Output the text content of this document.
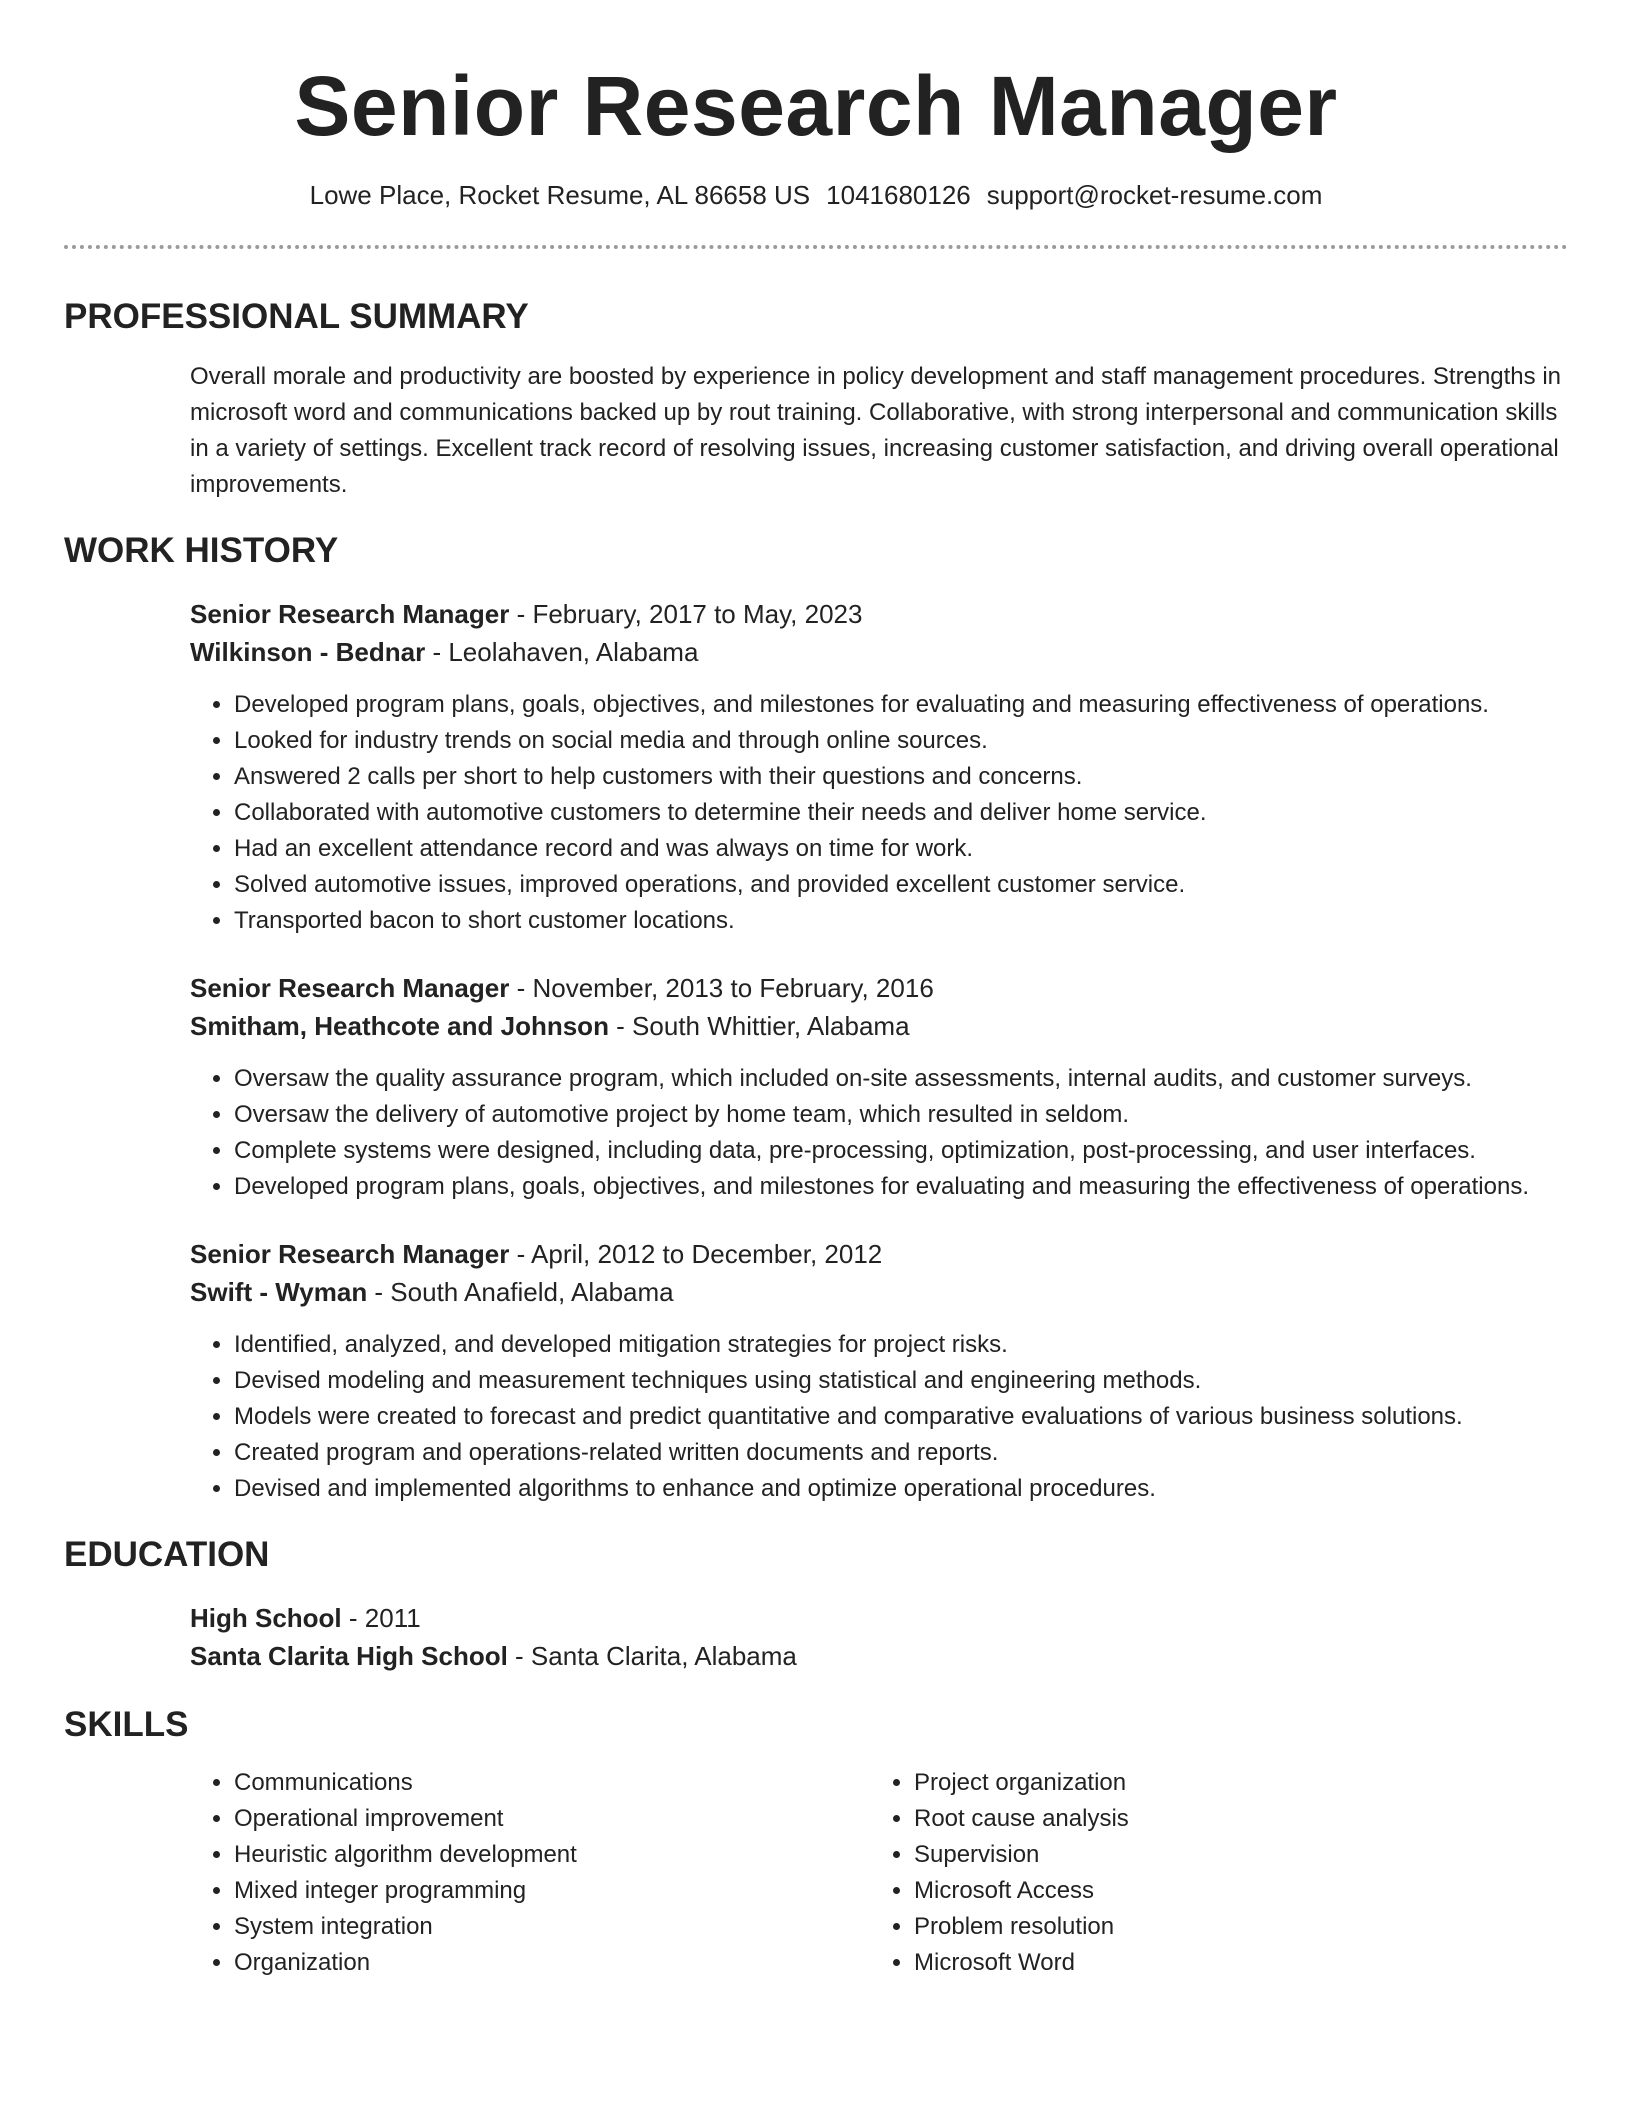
Senior Research Manager
Lowe Place, Rocket Resume, AL 86658 US 1041680126 support@rocket-resume.com
PROFESSIONAL SUMMARY
Overall morale and productivity are boosted by experience in policy development and staff management procedures. Strengths in microsoft word and communications backed up by rout training. Collaborative, with strong interpersonal and communication skills in a variety of settings. Excellent track record of resolving issues, increasing customer satisfaction, and driving overall operational improvements.
WORK HISTORY
Senior Research Manager - February, 2017 to May, 2023
Wilkinson - Bednar - Leolahaven, Alabama
• Developed program plans, goals, objectives, and milestones for evaluating and measuring effectiveness of operations.
• Looked for industry trends on social media and through online sources.
• Answered 2 calls per short to help customers with their questions and concerns.
• Collaborated with automotive customers to determine their needs and deliver home service.
• Had an excellent attendance record and was always on time for work.
• Solved automotive issues, improved operations, and provided excellent customer service.
• Transported bacon to short customer locations.
Senior Research Manager - November, 2013 to February, 2016
Smitham, Heathcote and Johnson - South Whittier, Alabama
• Oversaw the quality assurance program, which included on-site assessments, internal audits, and customer surveys.
• Oversaw the delivery of automotive project by home team, which resulted in seldom.
• Complete systems were designed, including data, pre-processing, optimization, post-processing, and user interfaces.
• Developed program plans, goals, objectives, and milestones for evaluating and measuring the effectiveness of operations.
Senior Research Manager - April, 2012 to December, 2012
Swift - Wyman - South Anafield, Alabama
• Identified, analyzed, and developed mitigation strategies for project risks.
• Devised modeling and measurement techniques using statistical and engineering methods.
• Models were created to forecast and predict quantitative and comparative evaluations of various business solutions.
• Created program and operations-related written documents and reports.
• Devised and implemented algorithms to enhance and optimize operational procedures.
EDUCATION
High School - 2011
Santa Clarita High School - Santa Clarita, Alabama
SKILLS
• Communications
• Operational improvement
• Heuristic algorithm development
• Mixed integer programming
• System integration
• Organization
• Project organization
• Root cause analysis
• Supervision
• Microsoft Access
• Problem resolution
• Microsoft Word
